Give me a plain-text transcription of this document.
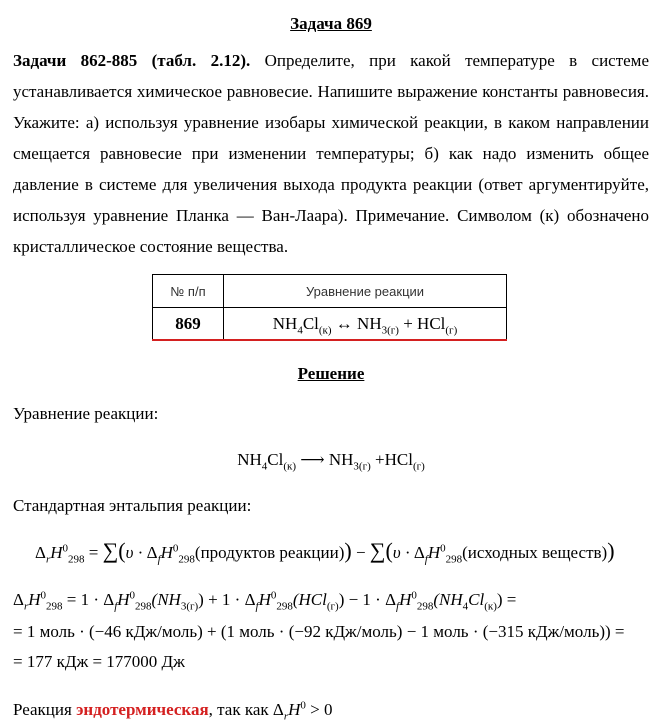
Задача 869
Задачи 862-885 (табл. 2.12). Определите, при какой температуре в системе устанавливается химическое равновесие. Напишите выражение константы равновесия. Укажите: а) используя уравнение изобары химической реакции, в каком направлении смещается равновесие при изменении температуры; б) как надо изменить общее давление в системе для увеличения выхода продукта реакции (ответ аргументируйте, используя уравнение Планка — Ван-Лаара). Примечание. Символом (к) обозначено кристаллическое состояние вещества.
№ п/п	Уравнение реакции
869	$NH_4Cl_{(к)}$ ↔ $NH_{3(г)} + HCl_{(г)}$
Решение
Уравнение реакции:
$NH_4Cl_{(к)}$ ⟶ $NH_{3(г)} +HCl_{(г)}$
Стандартная энтальпия реакции:
$\Delta_rH^0_{298} = \sum(\upsilon$ · $\Delta_fH^0_{298}(продуктов$ реакции)) − $\sum(\upsilon \cdot \Delta_fH^0_{298}(исходных$ веществ))
$\Delta_rH^0_{298} = 1 \cdot \Delta_fH^0_{298}(NH_{3(г)}) + 1 \cdot \Delta_fH^0_{298}(HCl_{(г)}) - 1 \cdot \Delta_fH^0_{298}(NH_4Cl_{(к)})$ =
= 1 моль · (−46 кДж/моль) + (1 моль · (−92 кДж/моль) − 1 моль · (−315 кДж/моль)) =
= 177 кДж = 177000 Дж
Реакция эндотермическая, так как $\Delta_rH^0 > 0$
